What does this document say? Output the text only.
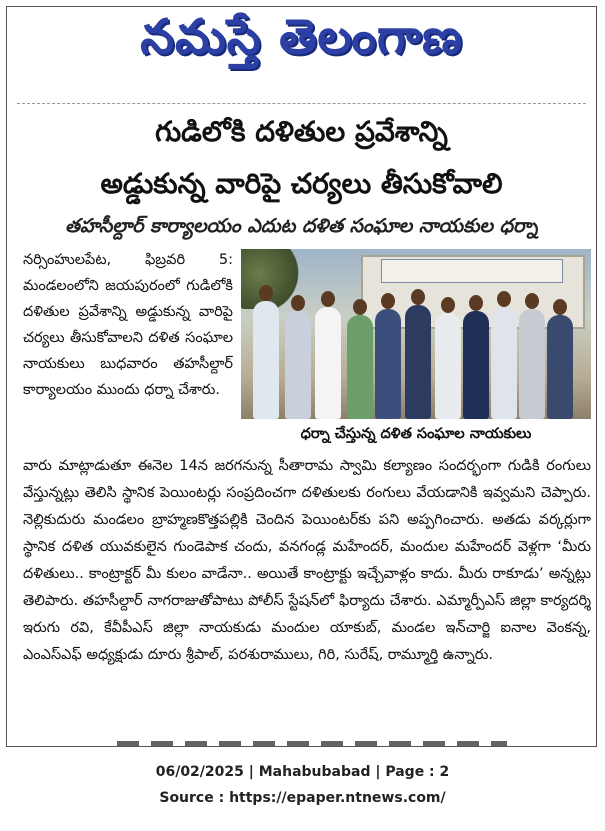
నమస్తే తెలంగాణ
గుడిలోకి దళితుల ప్రవేశాన్ని
అడ్డుకున్న వారిపై చర్యలు తీసుకోవాలి
తహసీల్దార్ కార్యాలయం ఎదుట దళిత సంఘాల నాయకుల ధర్నా

నర్సింహులపేట, ఫిబ్రవరి 5: మండలంలోని జయపురంలో గుడిలోకి దళితుల ప్రవేశాన్ని అడ్డుకున్న వారిపై చర్యలు తీసుకోవాలని దళిత సంఘాల నాయకులు బుధవారం తహసీల్దార్ కార్యాలయం ముందు ధర్నా చేశారు.

ధర్నా చేస్తున్న దళిత సంఘాల నాయకులు

వారు మాట్లాడుతూ ఈనెల 14న జరగనున్న సీతారామ స్వామి కల్యాణం సందర్భంగా గుడికి రంగులు వేస్తున్నట్లు తెలిసి స్థానిక పెయింటర్లు సంప్రదించగా దళితులకు రంగులు వేయడానికి ఇవ్వమని చెప్పారు. నెల్లికుదురు మండలం బ్రాహ్మణకొత్తపల్లికి చెందిన పెయింటర్‌కు పని అప్పగించారు. అతడు వర్కర్లుగా స్థానిక దళిత యువకులైన గుండెపాక చందు, వనగండ్ల మహేందర్, మందుల మహేందర్ వెళ్లగా ‘మీరు దళితులు.. కాంట్రాక్టర్ మీ కులం వాడేనా.. అయితే కాంట్రాక్టు ఇచ్చేవాళ్లం కాదు. మీరు రాకూడు’ అన్నట్లు తెలిపారు. తహసీల్దార్ నాగరాజుతోపాటు పోలీస్ స్టేషన్‌లో ఫిర్యాదు చేశారు. ఎమ్మార్పీఎస్ జిల్లా కార్యదర్శి ఇరుగు రవి, కేవీపీఎస్ జిల్లా నాయకుడు మందుల యాకుబ్, మండల ఇన్‌చార్జి ఐనాల వెంకన్న, ఎంఎస్ఎఫ్ అధ్యక్షుడు దూరు శ్రీపాల్, పరశురాములు, గిరి, సురేష్, రామ్మూర్తి ఉన్నారు.

06/02/2025 | Mahabubabad | Page : 2
Source : https://epaper.ntnews.com/
